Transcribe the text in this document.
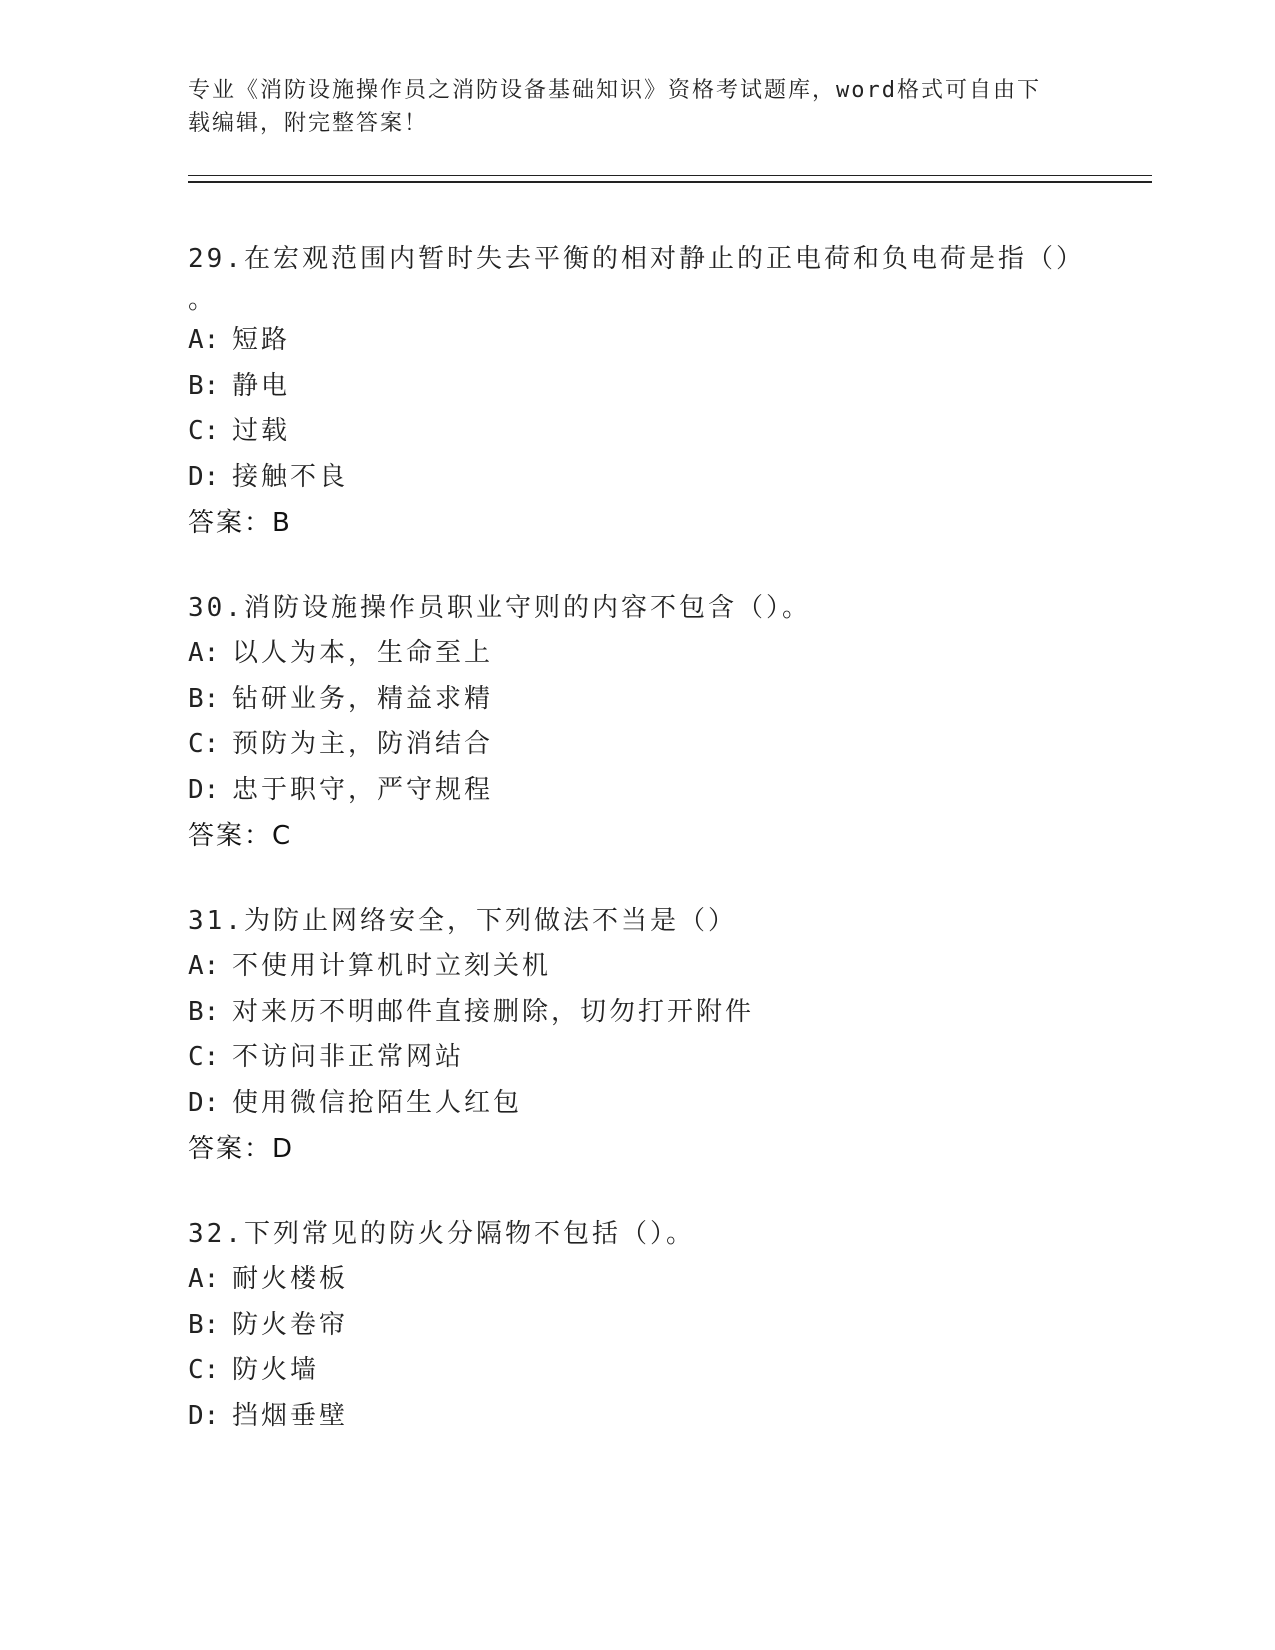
专业《消防设施操作员之消防设备基础知识》资格考试题库，word格式可自由下
载编辑，附完整答案！
29.在宏观范围内暂时失去平衡的相对静止的正电荷和负电荷是指（）
。
A: 短路
B: 静电
C: 过载
D: 接触不良
答案：B
30.消防设施操作员职业守则的内容不包含（）。
A: 以人为本，生命至上
B: 钻研业务，精益求精
C: 预防为主，防消结合
D: 忠于职守，严守规程
答案：C
31.为防止网络安全，下列做法不当是（）
A: 不使用计算机时立刻关机
B: 对来历不明邮件直接删除，切勿打开附件
C: 不访问非正常网站
D: 使用微信抢陌生人红包
答案：D
32.下列常见的防火分隔物不包括（）。
A: 耐火楼板
B: 防火卷帘
C: 防火墙
D: 挡烟垂壁
